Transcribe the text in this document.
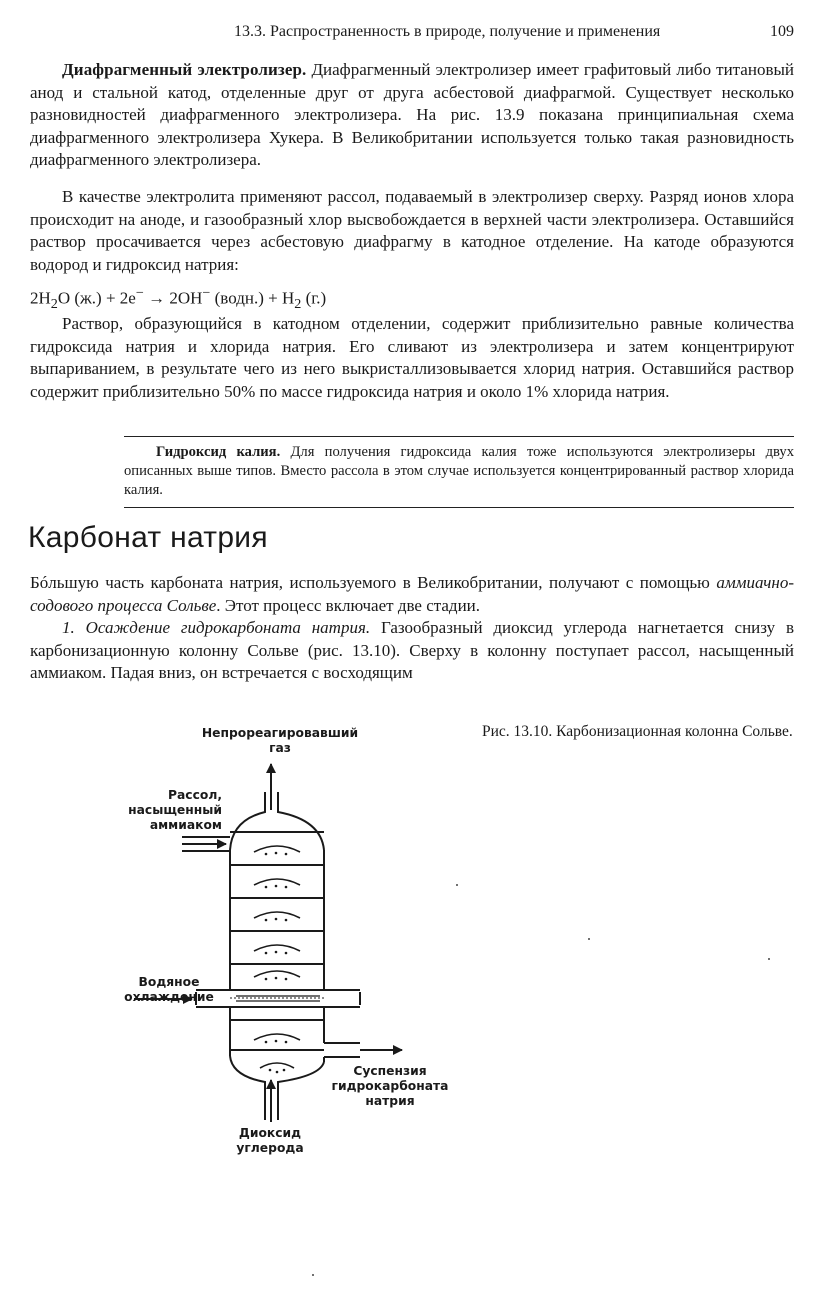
13.3. Распространенность в природе, получение и применения	109
Диафрагменный электролизер. Диафрагменный электролизер имеет графитовый либо титановый анод и стальной катод, отделенные друг от друга асбестовой диафрагмой. Существует несколько разновидностей диафрагменного электролизера. На рис. 13.9 показана принципиальная схема диафрагменного электролизера Хукера. В Великобритании используется только такая разновидность диафрагменного электролизера.
В качестве электролита применяют рассол, подаваемый в электролизер сверху. Разряд ионов хлора происходит на аноде, и газообразный хлор высвобождается в верхней части электролизера. Оставшийся раствор просачивается через асбестовую диафрагму в катодное отделение. На катоде образуются водород и гидроксид натрия:
$2H_2O$ (ж.) + 2e− → 2OH− (водн.) + $H_2$ (г.)
Раствор, образующийся в катодном отделении, содержит приблизительно равные количества гидроксида натрия и хлорида натрия. Его сливают из электролизера и затем концентрируют выпариванием, в результате чего из него выкристаллизовывается хлорид натрия. Оставшийся раствор содержит приблизительно 50% по массе гидроксида натрия и около 1% хлорида натрия.
Гидроксид калия. Для получения гидроксида калия тоже используются электролизеры двух описанных выше типов. Вместо рассола в этом случае используется концентрированный раствор хлорида калия.
Карбонат натрия
Бóльшую часть карбоната натрия, используемого в Великобритании, получают с помощью аммиачно-содового процесса Сольве. Этот процесс включает две стадии.
1. Осаждение гидрокарбоната натрия. Газообразный диоксид углерода нагнетается снизу в карбонизационную колонну Сольве (рис. 13.10). Сверху в колонну поступает рассол, насыщенный аммиаком. Падая вниз, он встречается с восходящим
Рис. 13.10. Карбонизационная колонна Сольве.
Непрореагировавший
газ
Рассол,
насыщенный
аммиаком
Водяное
охлаждение
Суспензия
гидрокарбоната
натрия
Диоксид
углерода
